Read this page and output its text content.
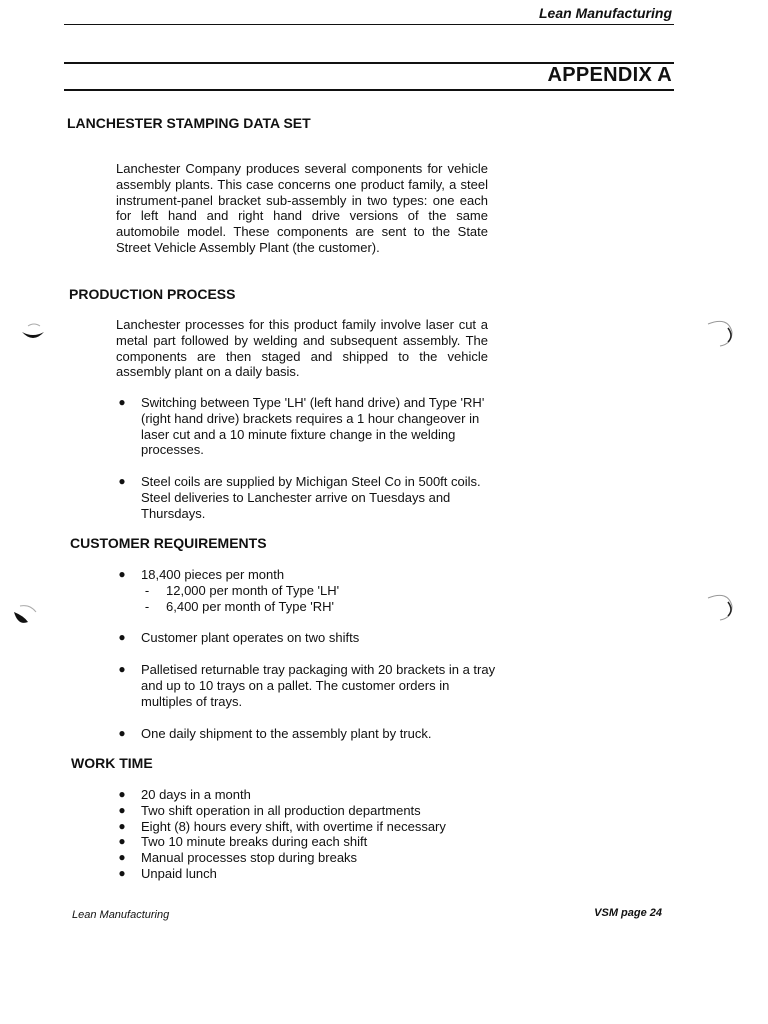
Lean Manufacturing
APPENDIX A
LANCHESTER STAMPING DATA SET

Lanchester Company produces several components for vehicle assembly plants. This case concerns one product family, a steel instrument-panel bracket sub-assembly in two types: one each for left hand and right hand drive versions of the same automobile model. These components are sent to the State Street Vehicle Assembly Plant (the customer).

PRODUCTION PROCESS

Lanchester processes for this product family involve laser cut a metal part followed by welding and subsequent assembly. The components are then staged and shipped to the vehicle assembly plant on a daily basis.

● Switching between Type 'LH' (left hand drive) and Type 'RH' (right hand drive) brackets requires a 1 hour changeover in laser cut and a 10 minute fixture change in the welding processes.
● Steel coils are supplied by Michigan Steel Co in 500ft coils. Steel deliveries to Lanchester arrive on Tuesdays and Thursdays.
CUSTOMER REQUIREMENTS
● 18,400 pieces per month
- 12,000 per month of Type 'LH'
- 6,400 per month of Type 'RH'
● Customer plant operates on two shifts
● Palletised returnable tray packaging with 20 brackets in a tray and up to 10 trays on a pallet. The customer orders in multiples of trays.
● One daily shipment to the assembly plant by truck.
WORK TIME
● 20 days in a month
● Two shift operation in all production departments
● Eight (8) hours every shift, with overtime if necessary
● Two 10 minute breaks during each shift
● Manual processes stop during breaks
● Unpaid lunch
Lean Manufacturing	VSM page 24
